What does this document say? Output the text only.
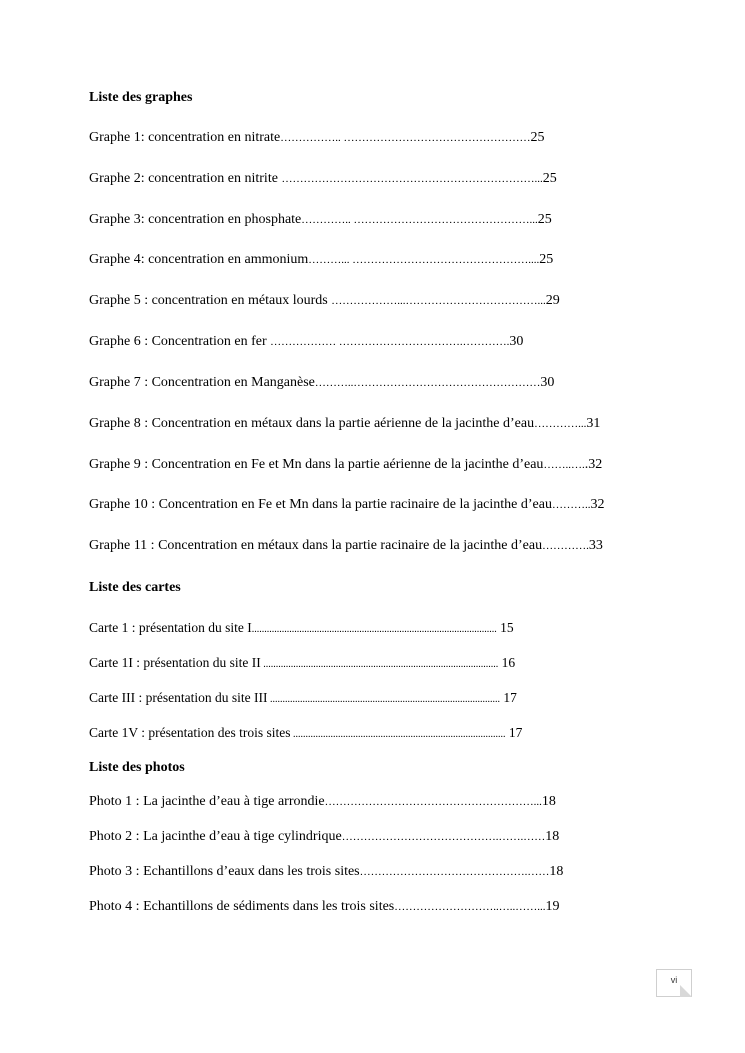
Liste des graphes
Graphe 1: concentration en nitrate…………….. ……………………………………………25
Graphe 2: concentration en nitrite ……………………………………………………………...25
Graphe 3: concentration en phosphate………….. …………………………………………...25
Graphe 4: concentration en ammonium………... …………………………………………....25
Graphe 5 : concentration en métaux lourds ………………...………………………………...29
Graphe 6 : Concentration en fer ……………… …………………………….………….30
Graphe 7 : Concentration en Manganèse………..……………………………………………30
Graphe 8 : Concentration en métaux dans la partie aérienne de la jacinthe d’eau…………...31
Graphe 9 : Concentration en Fe et Mn dans la partie aérienne de la jacinthe d’eau……..…..32
Graphe 10 : Concentration en Fe et Mn dans la partie racinaire de la jacinthe d’eau………..32
Graphe 11 : Concentration en métaux dans la partie racinaire de la jacinthe d’eau………….33
Liste des cartes
Carte 1 : présentation du site I.................................................................................................. 15
Carte 1I : présentation du site II .............................................................................................. 16
Carte III : présentation du site III ............................................................................................ 17
Carte 1V : présentation des trois sites ..................................................................................... 17
Liste des photos
Photo 1 : La jacinthe d’eau à tige arrondie…………………………………………………...18
Photo 2 : La jacinthe d’eau à tige cylindrique…………………………………….…….……18
Photo 3 : Echantillons d’eaux dans les trois sites……………………………………….……18
Photo 4 : Echantillons de sédiments dans les trois sites………………………..…..……...19
vi
